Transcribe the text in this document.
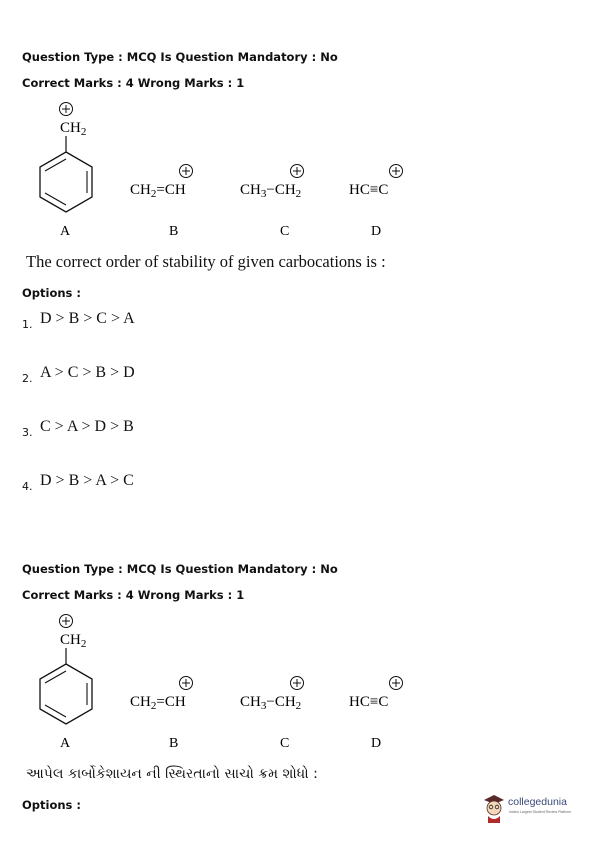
Question Type : MCQ Is Question Mandatory : No
Correct Marks : 4 Wrong Marks : 1
$CH_2$
A
$CH_2=CH$
B
$CH_3-CH_2$
C
HC≡C
D
The correct order of stability of given carbocations is :
Options :
1. D > B > C > A
2. A > C > B > D
3. C > A > D > B
4. D > B > A > C
Question Type : MCQ Is Question Mandatory : No
Correct Marks : 4 Wrong Marks : 1
$CH_2$
A
$CH_2=CH$
B
$CH_3-CH_2$
C
HC≡C
D
આપેલ કાર્બોકેશાયન ની સ્થિરતાનો સાચો ક્રમ શોધો :
Options :	collegedunia
India's Largest Student Review Platform
